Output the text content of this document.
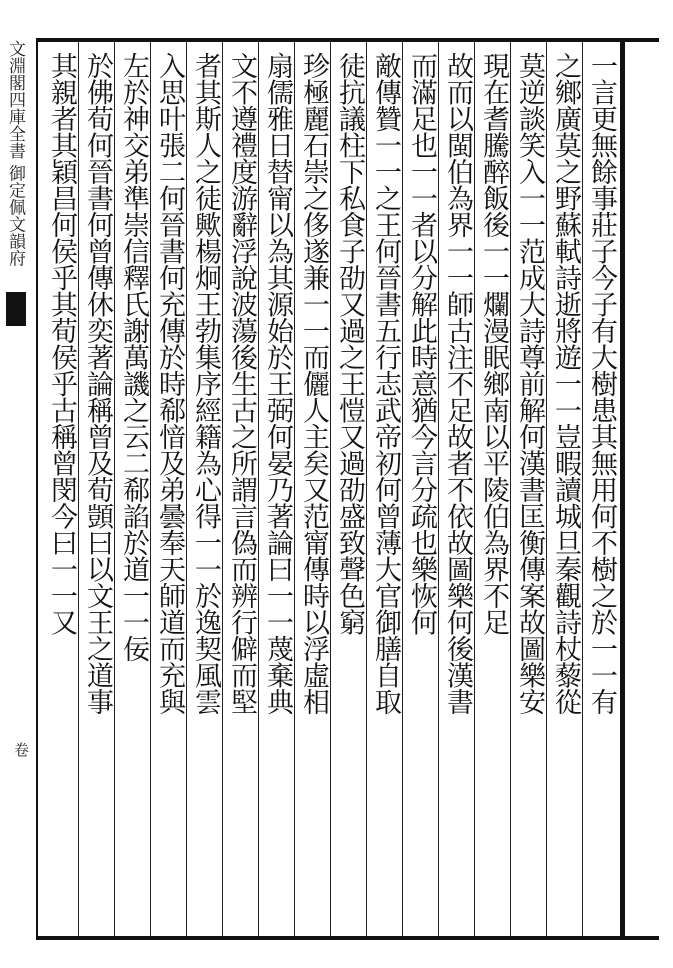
文淵閣四庫全書 御定佩文韻府
卷
一言更無餘事莊子今子有大樹患其無用何不樹之於一一有
之鄉廣莫之野蘇軾詩逝將遊一一豈暇讀城旦秦觀詩杖藜從
莫逆談笑入一一范成大詩尊前解何漢書匡衡傳案故圖樂安
現在耆騰醉飯後一一爛漫眠鄉南以平陵伯為界不足
故而以閩伯為界一一師古注不足故者不依故圖樂何後漢書
而滿足也一一者以分解此時意猶今言分疏也樂恢何
敵傳贊一一之王何晉書五行志武帝初何曾薄大官御膳自取
徒抗議柱下私食子劭又過之王愷又過劭盛致聲色窮
珍極麗石崇之侈遂兼一一而儷人主矣又范甯傳時以浮虛相
扇儒雅日替甯以為其源始於王弼何晏乃著論曰一一蔑棄典
文不遵禮度游辭浮說波蕩後生古之所謂言偽而辨行僻而堅
者其斯人之徒歟楊炯王勃集序經籍為心得一一於逸契風雲
入思叶張二何晉書何充傳於時郗愔及弟曇奉天師道而充與
左於神交弟準崇信釋氏謝萬譏之云二郗諂於道一一佞
於佛荀何晉書何曾傳休奕著論稱曾及荀顗曰以文王之道事
其親者其穎昌何侯乎其荀侯乎古稱曾閔今曰一一又
